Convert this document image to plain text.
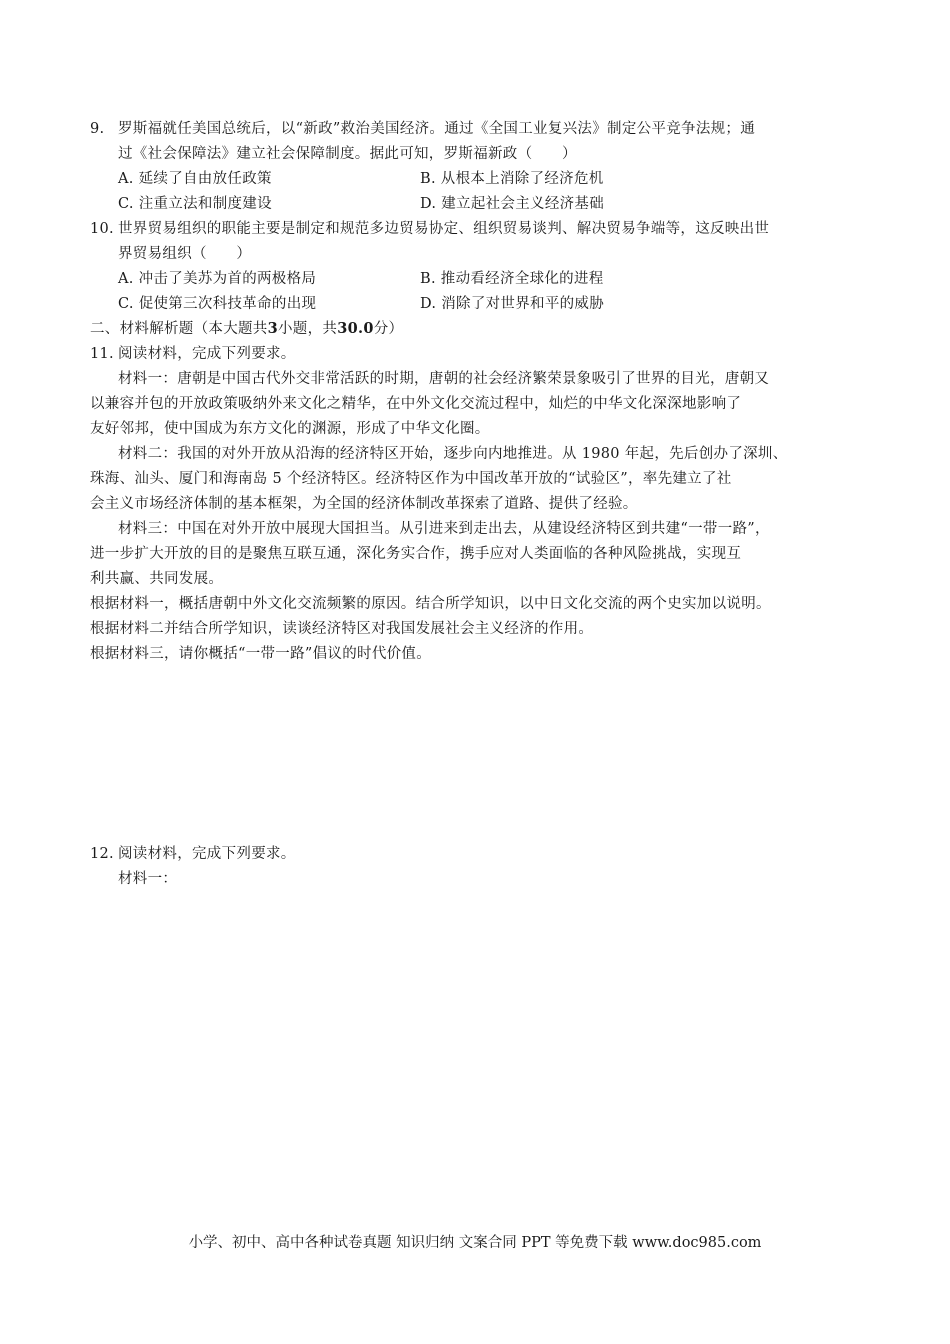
9. 罗斯福就任美国总统后，以“新政”救治美国经济。通过《全国工业复兴法》制定公平竞争法规；通
过《社会保障法》建立社会保障制度。据此可知，罗斯福新政（　　）
A. 延续了自由放任政策	B. 从根本上消除了经济危机
C. 注重立法和制度建设	D. 建立起社会主义经济基础
10. 世界贸易组织的职能主要是制定和规范多边贸易协定、组织贸易谈判、解决贸易争端等，这反映出世
界贸易组织（　　）
A. 冲击了美苏为首的两极格局	B. 推动看经济全球化的进程
C. 促使第三次科技革命的出现	D. 消除了对世界和平的威胁
二、材料解析题（本大题共3小题，共30.0分）
11. 阅读材料，完成下列要求。
材料一：唐朝是中国古代外交非常活跃的时期，唐朝的社会经济繁荣景象吸引了世界的目光，唐朝又
以兼容并包的开放政策吸纳外来文化之精华，在中外文化交流过程中，灿烂的中华文化深深地影响了
友好邻邦，使中国成为东方文化的渊源，形成了中华文化圈。
材料二：我国的对外开放从沿海的经济特区开始，逐步向内地推进。从 1980 年起，先后创办了深圳、
珠海、汕头、厦门和海南岛 5 个经济特区。经济特区作为中国改革开放的“试验区”，率先建立了社
会主义市场经济体制的基本框架，为全国的经济体制改革探索了道路、提供了经验。
材料三：中国在对外开放中展现大国担当。从引进来到走出去，从建设经济特区到共建“一带一路”，
进一步扩大开放的目的是聚焦互联互通，深化务实合作，携手应对人类面临的各种风险挑战，实现互
利共赢、共同发展。
根据材料一，概括唐朝中外文化交流频繁的原因。结合所学知识，以中日文化交流的两个史实加以说明。
根据材料二并结合所学知识，读谈经济特区对我国发展社会主义经济的作用。
根据材料三，请你概括“一带一路”倡议的时代价值。
12. 阅读材料，完成下列要求。
材料一：
小学、初中、高中各种试卷真题 知识归纳 文案合同 PPT 等免费下载 www.doc985.com
